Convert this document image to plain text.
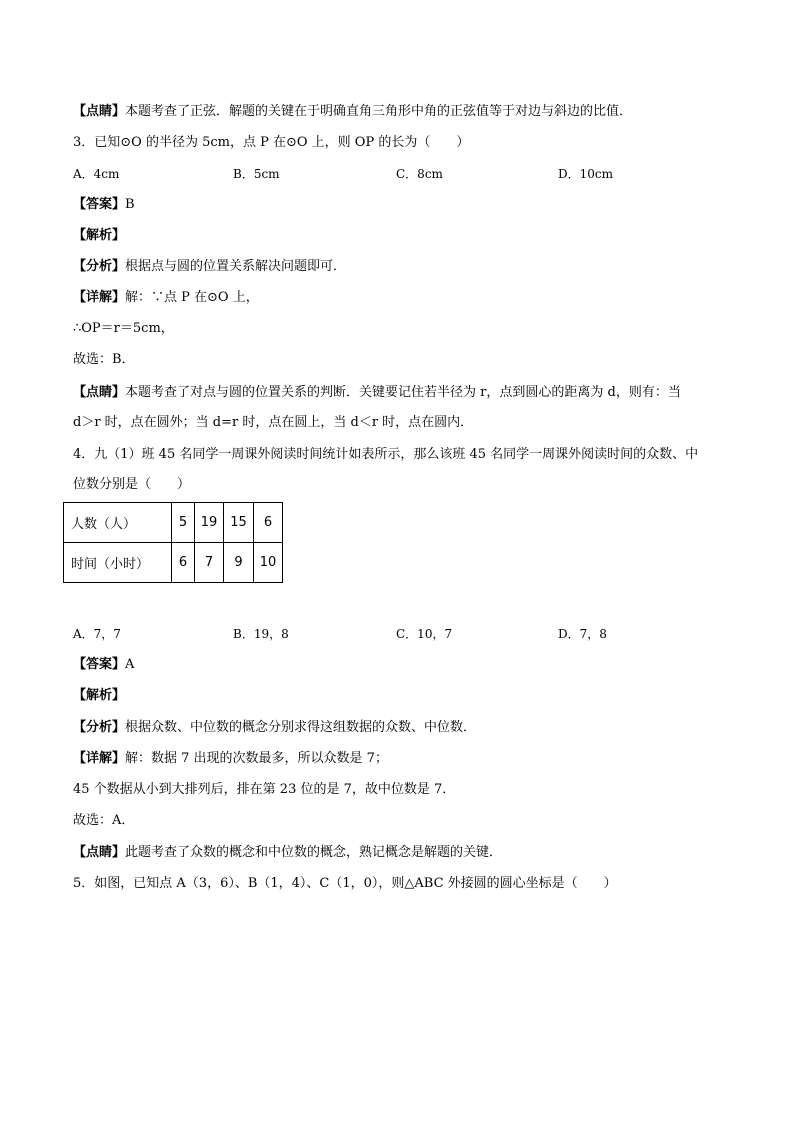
【点睛】本题考查了正弦．解题的关键在于明确直角三角形中角的正弦值等于对边与斜边的比值．
3．已知⊙O 的半径为 5cm，点 P 在⊙O 上，则 OP 的长为（　　）
A．4cm	B．5cm	C．8cm	D．10cm
【答案】B
【解析】
【分析】根据点与圆的位置关系解决问题即可．
【详解】解：∵点 P 在⊙O 上，
∴OP＝r＝5cm，
故选：B．
【点睛】本题考查了对点与圆的位置关系的判断．关键要记住若半径为 r，点到圆心的距离为 d，则有：当
d＞r 时，点在圆外；当 d=r 时，点在圆上，当 d＜r 时，点在圆内．
4．九（1）班 45 名同学一周课外阅读时间统计如表所示，那么该班 45 名同学一周课外阅读时间的众数、中
位数分别是（　　）
人数（人）	5	19	15	6
时间（小时）	6	7	9	10
A．7，7	B．19，8	C．10，7	D．7，8
【答案】A
【解析】
【分析】根据众数、中位数的概念分别求得这组数据的众数、中位数．
【详解】解：数据 7 出现的次数最多，所以众数是 7；
45 个数据从小到大排列后，排在第 23 位的是 7，故中位数是 7．
故选：A．
【点睛】此题考查了众数的概念和中位数的概念，熟记概念是解题的关键．
5．如图，已知点 A（3，6）、B（1，4）、C（1，0），则△ABC 外接圆的圆心坐标是（　　）
